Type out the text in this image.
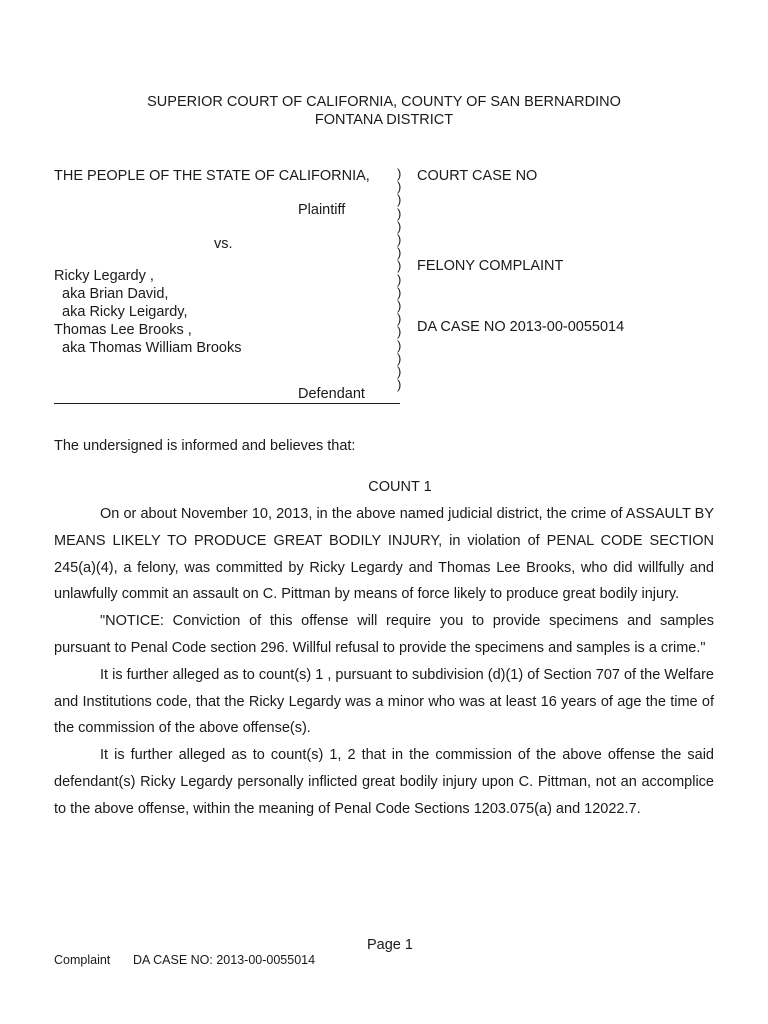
SUPERIOR COURT OF CALIFORNIA, COUNTY OF SAN BERNARDINO
FONTANA DISTRICT
THE PEOPLE OF THE STATE OF CALIFORNIA,
Plaintiff
vs.
Ricky Legardy ,
aka Brian David,
aka Ricky Leigardy,
Thomas Lee Brooks ,
aka Thomas William Brooks
Defendant
)
)
)
)
)
)
)
)
)
)
)
)
)
)
)
)
)
COURT CASE NO
FELONY COMPLAINT
DA CASE NO 2013-00-0055014
The undersigned is informed and believes that:
COUNT 1

On or about November 10, 2013, in the above named judicial district, the crime of ASSAULT BY MEANS LIKELY TO PRODUCE GREAT BODILY INJURY, in violation of PENAL CODE SECTION 245(a)(4), a felony, was committed by Ricky Legardy and Thomas Lee Brooks, who did willfully and unlawfully commit an assault on C. Pittman by means of force likely to produce great bodily injury.

"NOTICE: Conviction of this offense will require you to provide specimens and samples pursuant to Penal Code section 296. Willful refusal to provide the specimens and samples is a crime."

It is further alleged as to count(s) 1 , pursuant to subdivision (d)(1) of Section 707 of the Welfare and Institutions code, that the Ricky Legardy was a minor who was at least 16 years of age the time of the commission of the above offense(s).

It is further alleged as to count(s) 1, 2 that in the commission of the above offense the said defendant(s) Ricky Legardy personally inflicted great bodily injury upon C. Pittman, not an accomplice to the above offense, within the meaning of Penal Code Sections 1203.075(a) and 12022.7.

Page 1
Complaint DA CASE NO: 2013-00-0055014
